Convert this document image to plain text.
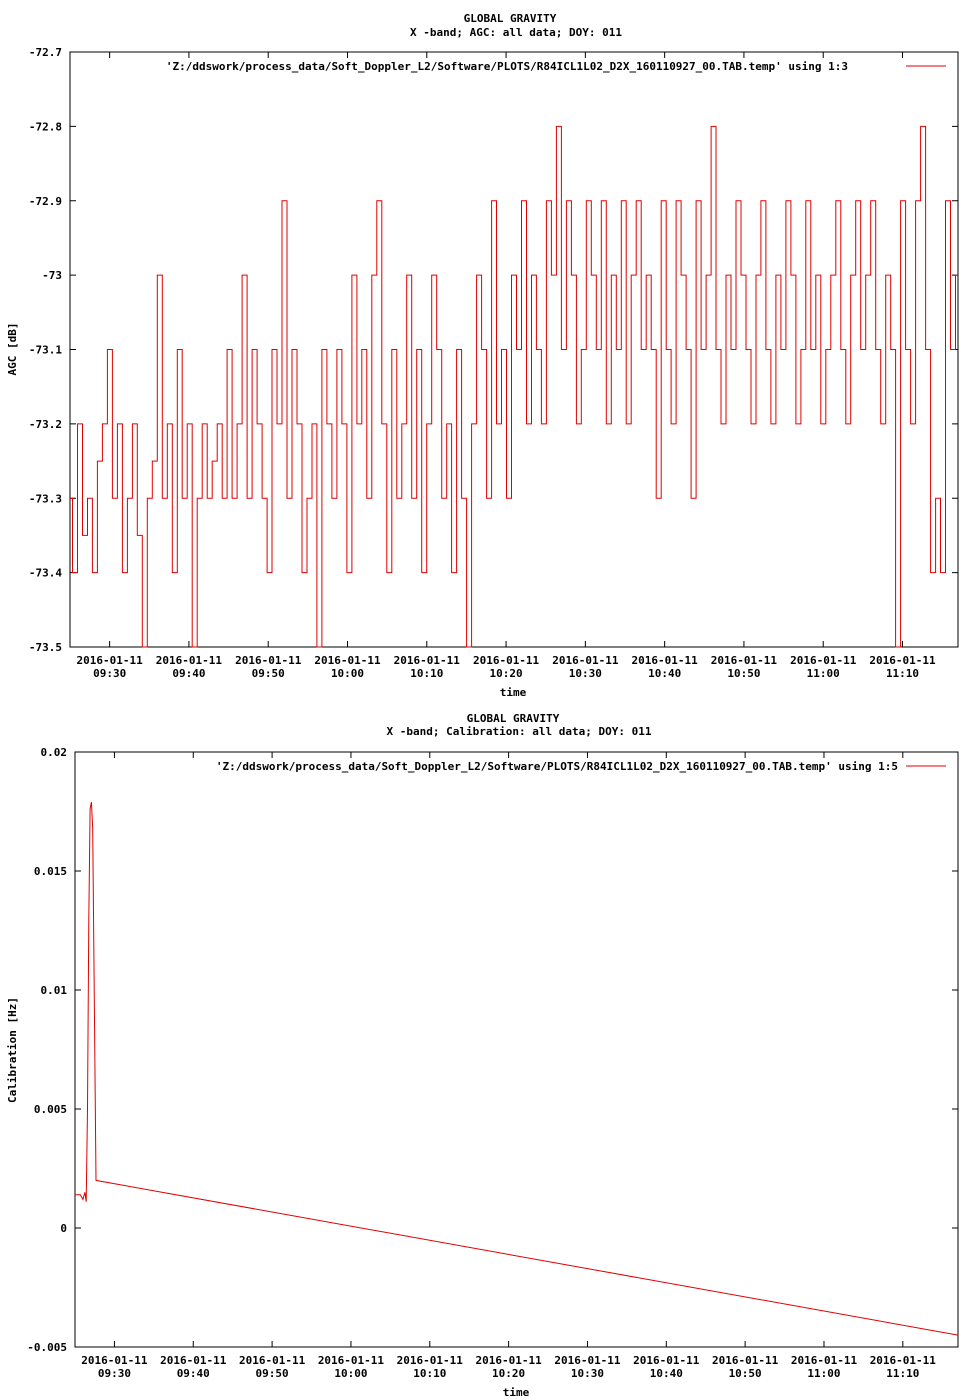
GLOBAL GRAVITY
X -band; AGC: all data; DOY: 011
AGC [dB]
time
'Z:/ddswork/process_data/Soft_Doppler_L2/Software/PLOTS/R84ICL1L02_D2X_160110927_00.TAB.temp' using 1:3
-72.7
-72.8
-72.9
-73
-73.1
-73.2
-73.3
-73.4
-73.5
2016-01-11
09:30
2016-01-11
09:40
2016-01-11
09:50
2016-01-11
10:00
2016-01-11
10:10
2016-01-11
10:20
2016-01-11
10:30
2016-01-11
10:40
2016-01-11
10:50
2016-01-11
11:00
2016-01-11
11:10
GLOBAL GRAVITY
X -band; Calibration: all data; DOY: 011
Calibration [Hz]
time
'Z:/ddswork/process_data/Soft_Doppler_L2/Software/PLOTS/R84ICL1L02_D2X_160110927_00.TAB.temp' using 1:5
0.02
0.015
0.01
0.005
0
-0.005
2016-01-11
09:30
2016-01-11
09:40
2016-01-11
09:50
2016-01-11
10:00
2016-01-11
10:10
2016-01-11
10:20
2016-01-11
10:30
2016-01-11
10:40
2016-01-11
10:50
2016-01-11
11:00
2016-01-11
11:10
